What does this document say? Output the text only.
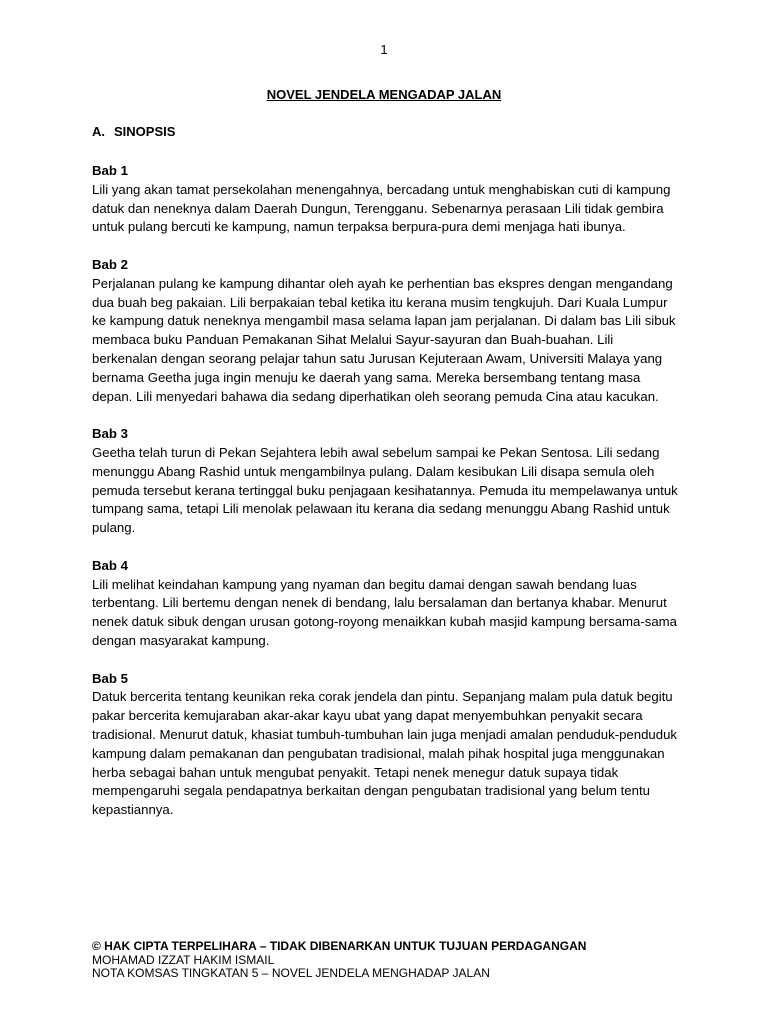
1
NOVEL JENDELA MENGADAP JALAN
A. SINOPSIS
Bab 1

Lili yang akan tamat persekolahan menengahnya, bercadang untuk menghabiskan cuti di kampung datuk dan neneknya dalam Daerah Dungun, Terengganu. Sebenarnya perasaan Lili tidak gembira untuk pulang bercuti ke kampung, namun terpaksa berpura-pura demi menjaga hati ibunya.

Bab 2

Perjalanan pulang ke kampung dihantar oleh ayah ke perhentian bas ekspres dengan mengandang dua buah beg pakaian. Lili berpakaian tebal ketika itu kerana musim tengkujuh. Dari Kuala Lumpur ke kampung datuk neneknya mengambil masa selama lapan jam perjalanan. Di dalam bas Lili sibuk membaca buku Panduan Pemakanan Sihat Melalui Sayur-sayuran dan Buah-buahan. Lili berkenalan dengan seorang pelajar tahun satu Jurusan Kejuteraan Awam, Universiti Malaya yang bernama Geetha juga ingin menuju ke daerah yang sama. Mereka bersembang tentang masa depan. Lili menyedari bahawa dia sedang diperhatikan oleh seorang pemuda Cina atau kacukan.

Bab 3

Geetha telah turun di Pekan Sejahtera lebih awal sebelum sampai ke Pekan Sentosa. Lili sedang menunggu Abang Rashid untuk mengambilnya pulang. Dalam kesibukan Lili disapa semula oleh pemuda tersebut kerana tertinggal buku penjagaan kesihatannya. Pemuda itu mempelawanya untuk tumpang sama, tetapi Lili menolak pelawaan itu kerana dia sedang menunggu Abang Rashid untuk pulang.

Bab 4

Lili melihat keindahan kampung yang nyaman dan begitu damai dengan sawah bendang luas terbentang. Lili bertemu dengan nenek di bendang, lalu bersalaman dan bertanya khabar. Menurut nenek datuk sibuk dengan urusan gotong-royong menaikkan kubah masjid kampung bersama-sama dengan masyarakat kampung.

Bab 5

Datuk bercerita tentang keunikan reka corak jendela dan pintu. Sepanjang malam pula datuk begitu pakar bercerita kemujaraban akar-akar kayu ubat yang dapat menyembuhkan penyakit secara tradisional. Menurut datuk, khasiat tumbuh-tumbuhan lain juga menjadi amalan penduduk-penduduk kampung dalam pemakanan dan pengubatan tradisional, malah pihak hospital juga menggunakan herba sebagai bahan untuk mengubat penyakit. Tetapi nenek menegur datuk supaya tidak mempengaruhi segala pendapatnya berkaitan dengan pengubatan tradisional yang belum tentu kepastiannya.

© HAK CIPTA TERPELIHARA – TIDAK DIBENARKAN UNTUK TUJUAN PERDAGANGAN
MOHAMAD IZZAT HAKIM ISMAIL
NOTA KOMSAS TINGKATAN 5 – NOVEL JENDELA MENGHADAP JALAN
